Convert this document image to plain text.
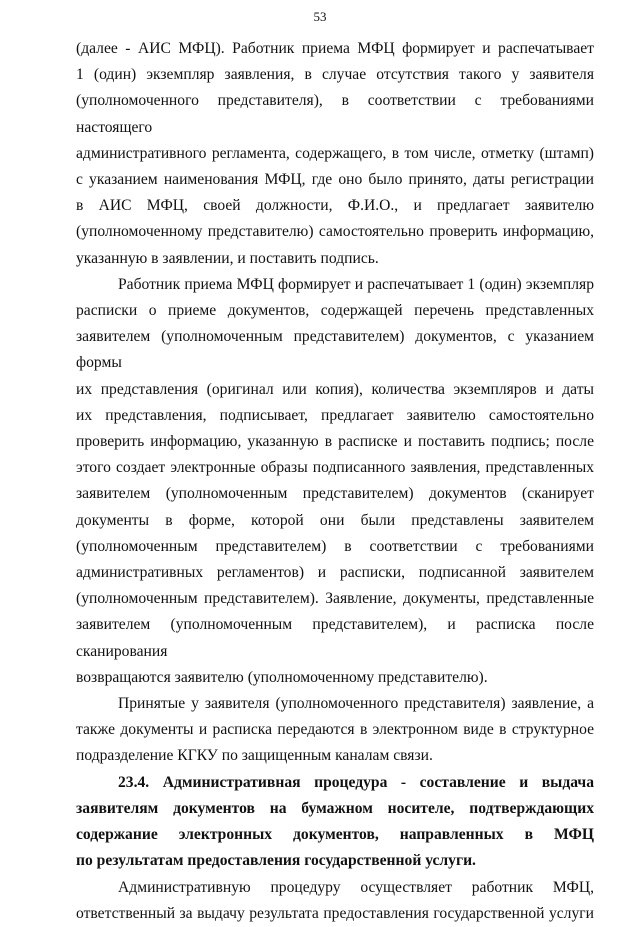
53
(далее - АИС МФЦ). Работник приема МФЦ формирует и распечатывает
1 (один) экземпляр заявления, в случае отсутствия такого у заявителя
(уполномоченного представителя), в соответствии с требованиями настоящего
административного регламента, содержащего, в том числе, отметку (штамп)
с указанием наименования МФЦ, где оно было принято, даты регистрации
в АИС МФЦ, своей должности, Ф.И.О., и предлагает заявителю
(уполномоченному представителю) самостоятельно проверить информацию,
указанную в заявлении, и поставить подпись.
Работник приема МФЦ формирует и распечатывает 1 (один) экземпляр
расписки о приеме документов, содержащей перечень представленных
заявителем (уполномоченным представителем) документов, с указанием формы
их представления (оригинал или копия), количества экземпляров и даты
их представления, подписывает, предлагает заявителю самостоятельно
проверить информацию, указанную в расписке и поставить подпись; после
этого создает электронные образы подписанного заявления, представленных
заявителем (уполномоченным представителем) документов (сканирует
документы в форме, которой они были представлены заявителем
(уполномоченным представителем) в соответствии с требованиями
административных регламентов) и расписки, подписанной заявителем
(уполномоченным представителем). Заявление, документы, представленные
заявителем (уполномоченным представителем), и расписка после сканирования
возвращаются заявителю (уполномоченному представителю).
Принятые у заявителя (уполномоченного представителя) заявление, а
также документы и расписка передаются в электронном виде в структурное
подразделение КГКУ по защищенным каналам связи.
23.4. Административная процедура - составление и выдача
заявителям документов на бумажном носителе, подтверждающих
содержание электронных документов, направленных в МФЦ
по результатам предоставления государственной услуги.
Административную процедуру осуществляет работник МФЦ,
ответственный за выдачу результата предоставления государственной услуги
